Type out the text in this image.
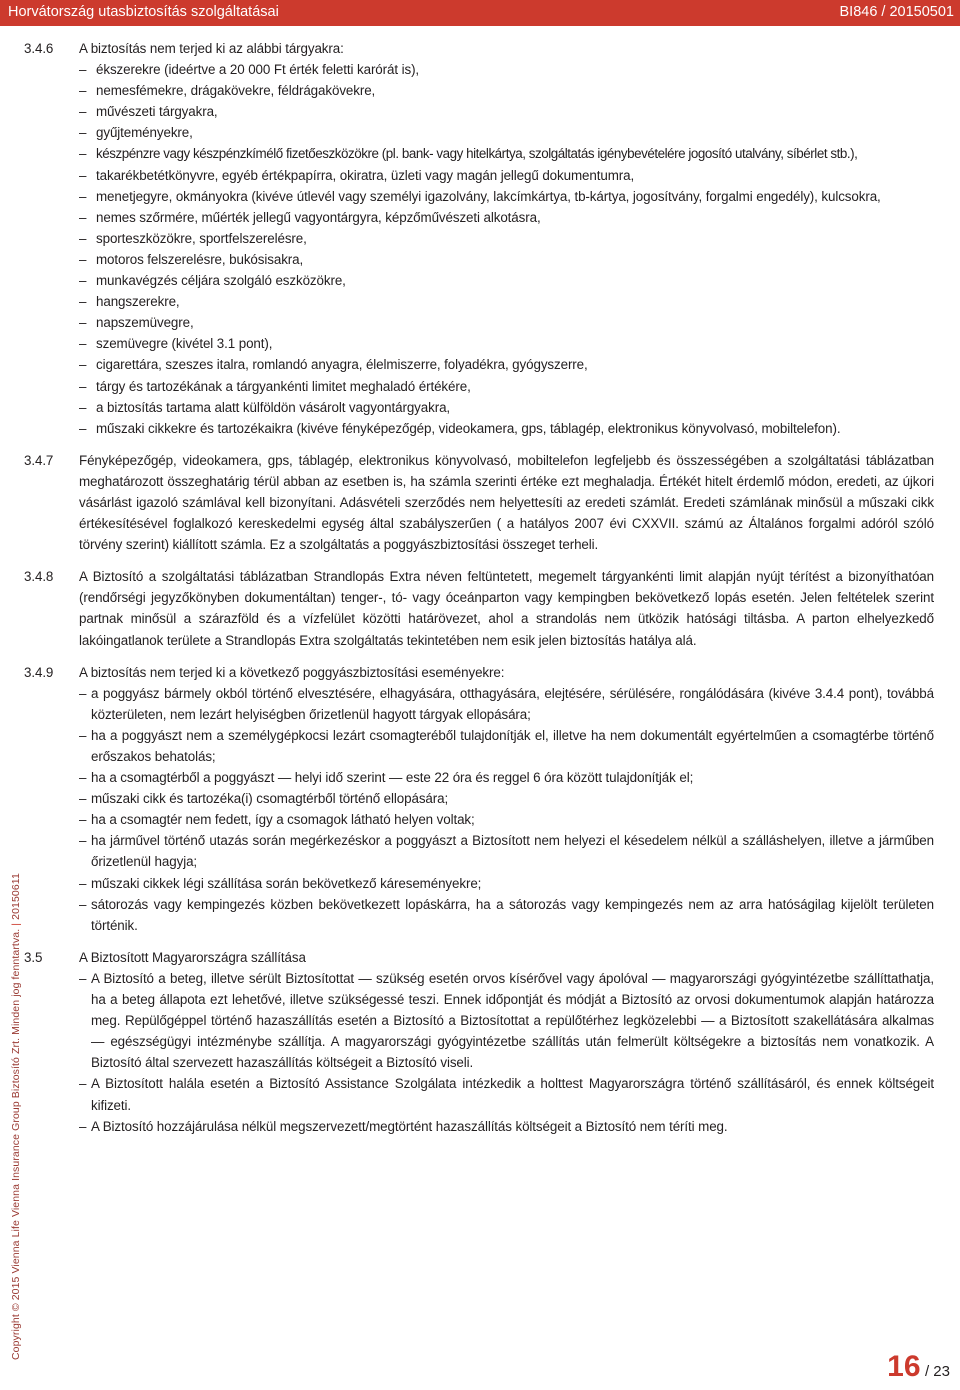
Horvátország utasbiztosítás szolgáltatásai	BI846 / 20150501
3.4.6	A biztosítás nem terjed ki az alábbi tárgyakra:

– ékszerekre (ideértve a 20 000 Ft érték feletti karórát is),
– nemesfémekre, drágakövekre, féldrágakövekre,
– művészeti tárgyakra,
– gyűjteményekre,
– készpénzre vagy készpénzkímélő fizetőeszközökre (pl. bank- vagy hitelkártya, szolgáltatás igénybevételére jogosító utalvány, síbérlet stb.),
– takarékbetétkönyvre, egyéb értékpapírra, okiratra, üzleti vagy magán jellegű dokumentumra,
– menetjegyre, okmányokra (kivéve útlevél vagy személyi igazolvány, lakcímkártya, tb-kártya, jogosítvány, forgalmi engedély), kulcsokra,
– nemes szőrmére, műérték jellegű vagyontárgyra, képzőművészeti alkotásra,
– sporteszközökre, sportfelszerelésre,
– motoros felszerelésre, bukósisakra,
– munkavégzés céljára szolgáló eszközökre,
– hangszerekre,
– napszemüvegre,
– szemüvegre (kivétel 3.1 pont),
– cigarettára, szeszes italra, romlandó anyagra, élelmiszerre, folyadékra, gyógyszerre,
– tárgy és tartozékának a tárgyankénti limitet meghaladó értékére,
– a biztosítás tartama alatt külföldön vásárolt vagyontárgyakra,
– műszaki cikkekre és tartozékaikra (kivéve fényképezőgép, videokamera, gps, táblagép, elektronikus könyvolvasó, mobiltelefon).
3.4.7	Fényképezőgép, videokamera, gps, táblagép, elektronikus könyvolvasó, mobiltelefon legfeljebb és összességében a szolgáltatási táblázatban meghatározott összeghatárig térül abban az esetben is, ha számla szerinti értéke ezt meghaladja. Értékét hitelt érdemlő módon, eredeti, az újkori vásárlást igazoló számlával kell bizonyítani. Adásvételi szerződés nem helyettesíti az eredeti számlát. Eredeti számlának minősül a műszaki cikk értékesítésével foglalkozó kereskedelmi egység által szabályszerűen ( a hatályos 2007 évi CXXVII. számú az Általános forgalmi adóról szóló törvény szerint) kiállított számla. Ez a szolgáltatás a poggyászbiztosítási összeget terheli.

3.4.8	A Biztosító a szolgáltatási táblázatban Strandlopás Extra néven feltüntetett, megemelt tárgyankénti limit alapján nyújt térítést a bizonyíthatóan (rendőrségi jegyzőkönyben dokumentáltan) tenger-, tó- vagy óceánparton vagy kempingben bekövetkező lopás esetén. Jelen feltételek szerint partnak minősül a szárazföld és a vízfelület közötti határövezet, ahol a strandolás nem ütközik hatósági tiltásba. A parton elhelyezkedő lakóingatlanok területe a Strandlopás Extra szolgáltatás tekintetében nem esik jelen biztosítás hatálya alá.

3.4.9	A biztosítás nem terjed ki a következő poggyászbiztosítási eseményekre:

– a poggyász bármely okból történő elvesztésére, elhagyására, otthagyására, elejtésére, sérülésére, rongálódására (kivéve 3.4.4 pont), továbbá közterületen, nem lezárt helyiségben őrizetlenül hagyott tárgyak ellopására;
– ha a poggyászt nem a személygépkocsi lezárt csomagteréből tulajdonítják el, illetve ha nem dokumentált egyértelműen a csomagtérbe történő erőszakos behatolás;
– ha a csomagtérből a poggyászt — helyi idő szerint — este 22 óra és reggel 6 óra között tulajdonítják el;
– műszaki cikk és tartozéka(i) csomagtérből történő ellopására;
– ha a csomagtér nem fedett, így a csomagok látható helyen voltak;
– ha járművel történő utazás során megérkezéskor a poggyászt a Biztosított nem helyezi el késedelem nélkül a szálláshelyen, illetve a járműben őrizetlenül hagyja;
– műszaki cikkek légi szállítása során bekövetkező káreseményekre;
– sátorozás vagy kempingezés közben bekövetkezett lopáskárra, ha a sátorozás vagy kempingezés nem az arra hatóságilag kijelölt területen történik.
3.5	A Biztosított Magyarországra szállítása

– A Biztosító a beteg, illetve sérült Biztosítottat — szükség esetén orvos kísérővel vagy ápolóval — magyarországi gyógyintézetbe szállíttathatja, ha a beteg állapota ezt lehetővé, illetve szükségessé teszi. Ennek időpontját és módját a Biztosító az orvosi dokumentumok alapján határozza meg. Repülőgéppel történő hazaszállítás esetén a Biztosító a Biztosítottat a repülőtérhez legközelebbi — a Biztosított szakellátására alkalmas — egészségügyi intézménybe szállítja. A magyarországi gyógyintézetbe szállítás után felmerült költségekre a biztosítás nem vonatkozik. A Biztosító által szervezett hazaszállítás költségeit a Biztosító viseli.
– A Biztosított halála esetén a Biztosító Assistance Szolgálata intézkedik a holttest Magyarországra történő szállításáról, és ennek költségeit kifizeti.
– A Biztosító hozzájárulása nélkül megszervezett/megtörtént hazaszállítás költségeit a Biztosító nem téríti meg.
Copyright © 2015 Vienna Life Vienna Insurance Group Biztosító Zrt. Minden jog fenntartva. | 20150611
16 / 23
